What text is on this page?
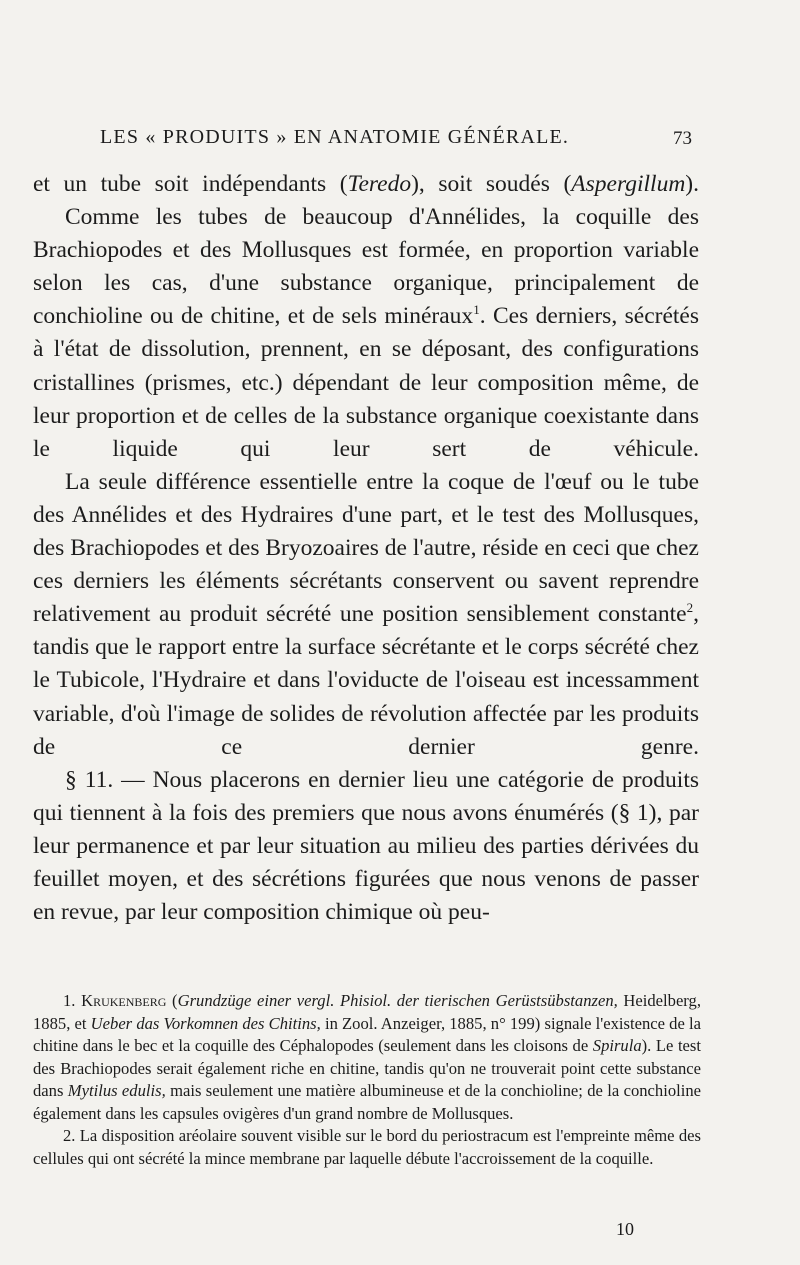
LES « PRODUITS » EN ANATOMIE GÉNÉRALE.	73

et un tube soit indépendants (Teredo), soit soudés (Aspergillum).

Comme les tubes de beaucoup d'Annélides, la coquille des Brachiopodes et des Mollusques est formée, en proportion variable selon les cas, d'une substance organique, principalement de conchioline ou de chitine, et de sels minéraux$^1$. Ces derniers, sécrétés à l'état de dissolution, prennent, en se déposant, des configurations cristallines (prismes, etc.) dépendant de leur composition même, de leur proportion et de celles de la substance organique coexistante dans le liquide qui leur sert de véhicule.

La seule différence essentielle entre la coque de l'œuf ou le tube des Annélides et des Hydraires d'une part, et le test des Mollusques, des Brachiopodes et des Bryozoaires de l'autre, réside en ceci que chez ces derniers les éléments sécrétants conservent ou savent reprendre relativement au produit sécrété une position sensiblement constante$^2$, tandis que le rapport entre la surface sécrétante et le corps sécrété chez le Tubicole, l'Hydraire et dans l'oviducte de l'oiseau est incessamment variable, d'où l'image de solides de révolution affectée par les produits de ce dernier genre.

§ 11. — Nous placerons en dernier lieu une catégorie de produits qui tiennent à la fois des premiers que nous avons énumérés (§ 1), par leur permanence et par leur situation au milieu des parties dérivées du feuillet moyen, et des sécrétions figurées que nous venons de passer en revue, par leur composition chimique où peu-

1. Krukenberg (Grundzüge einer vergl. Phisiol. der tierischen Gerüstsübstanzen, Heidelberg, 1885, et Ueber das Vorkomnen des Chitins, in Zool. Anzeiger, 1885, n° 199) signale l'existence de la chitine dans le bec et la coquille des Céphalopodes (seulement dans les cloisons de Spirula). Le test des Brachiopodes serait également riche en chitine, tandis qu'on ne trouverait point cette substance dans Mytilus edulis, mais seulement une matière albumineuse et de la conchioline; de la conchioline également dans les capsules ovigères d'un grand nombre de Mollusques.

2. La disposition aréolaire souvent visible sur le bord du periostracum est l'empreinte même des cellules qui ont sécrété la mince membrane par laquelle débute l'accroissement de la coquille.

10
